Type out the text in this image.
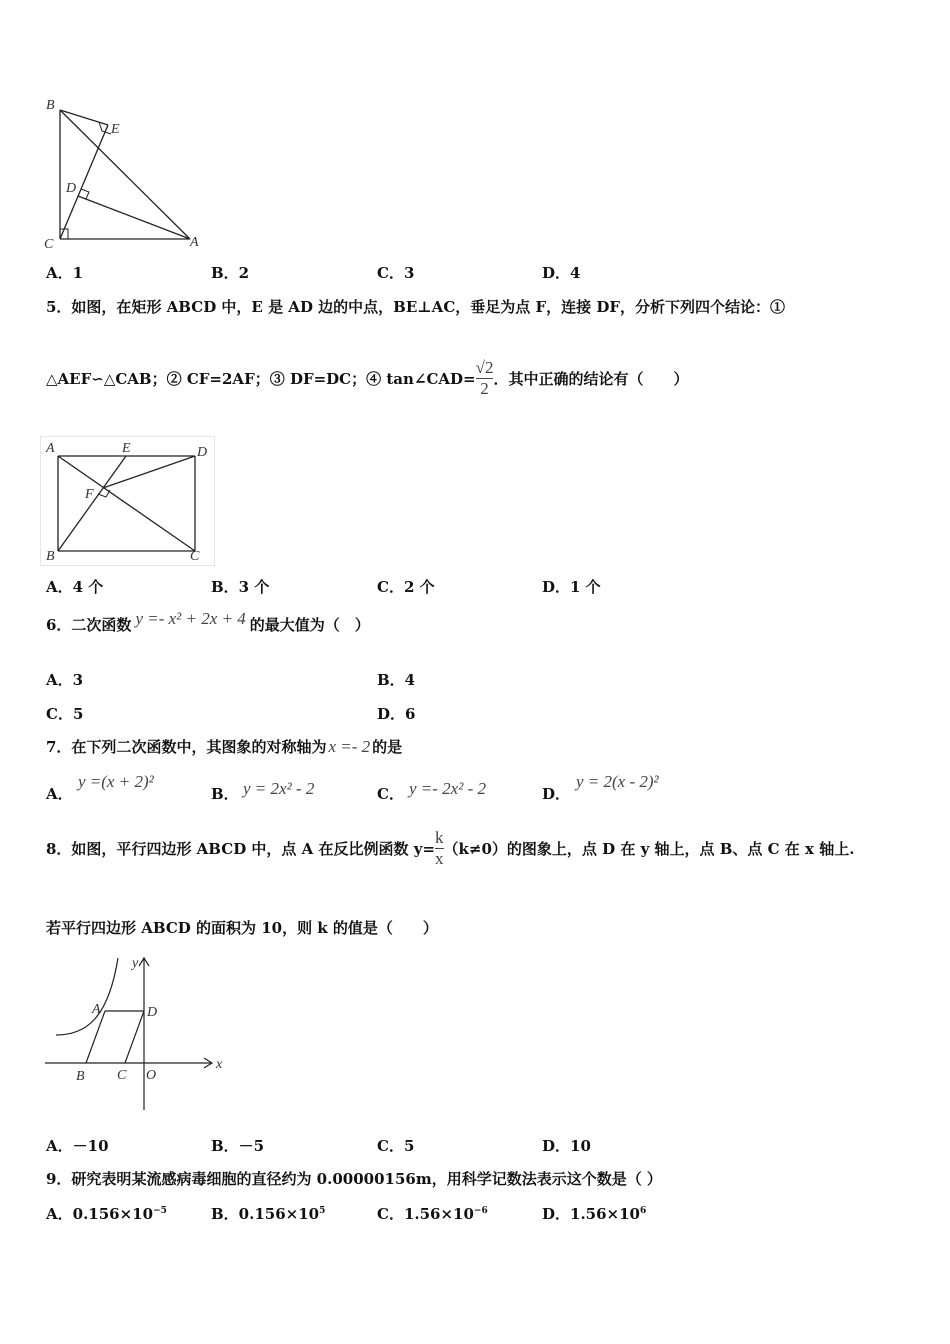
B
E
D
C	A
A．1	B．2	C．3	D．4
5．如图，在矩形 ABCD 中，E 是 AD 边的中点，BE⊥AC，垂足为点 F，连接 DF，分析下列四个结论：①
△AEF∽△CAB；② CF=2AF；③ DF=DC；④ tan∠CAD= $\frac{√2}{2}$ ．其中正确的结论有（　　）
A	E	D
F
B	C
A．4 个	B．3 个	C．2 个	D．1 个
6．二次函数 y =- x² + 2x + 4 的最大值为（　）
A．3	B．4
C．5	D．6
7．在下列二次函数中，其图象的对称轴为 x =- 2 的是
A．
y =(x + 2)²
B． y = 2x² - 2	C． y =- 2x² - 2	D．
y = 2(x - 2)²
8．如图，平行四边形 ABCD 中，点 A 在反比例函数 $y= \frac{k}{x} (k\ne 0)$的图象上，点 D 在 y 轴上，点 B、点 C 在 x 轴上.
若平行四边形 ABCD 的面积为 10，则 k 的值是（　　）
y
A	D
x
B C O
A．－10	B．－5	C．5	D．10
9．研究表明某流感病毒细胞的直径约为 0.00000156m，用科学记数法表示这个数是（ ）
A．$0.156\times 10^{-5}$	B．$0.156\times 10^5$	C．$1.56\times 10^{-6}$	D．$1.56\times 10^6$
